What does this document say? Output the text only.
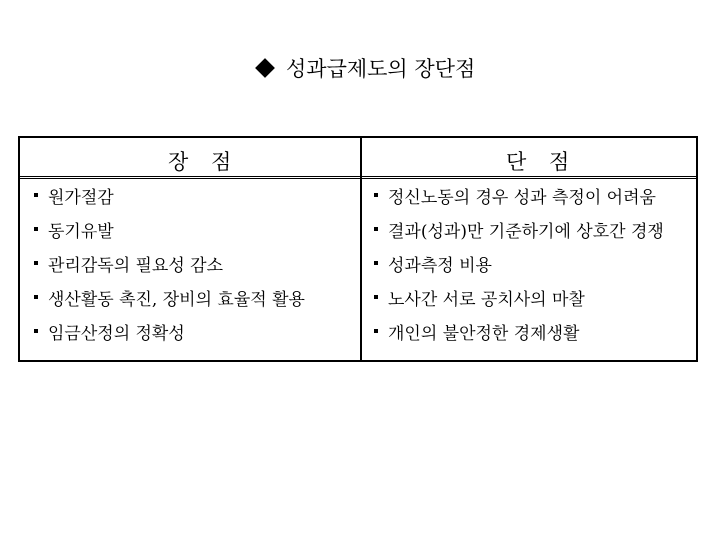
성과급제도의 장단점
장 점	단 점
원가절감
동기유발
관리감독의 필요성 감소
생산활동 촉진, 장비의 효율적 활용
임금산정의 정확성
정신노동의 경우 성과 측정이 어려움
결과(성과)만 기준하기에 상호간 경쟁
성과측정 비용
노사간 서로 공치사의 마찰
개인의 불안정한 경제생활
